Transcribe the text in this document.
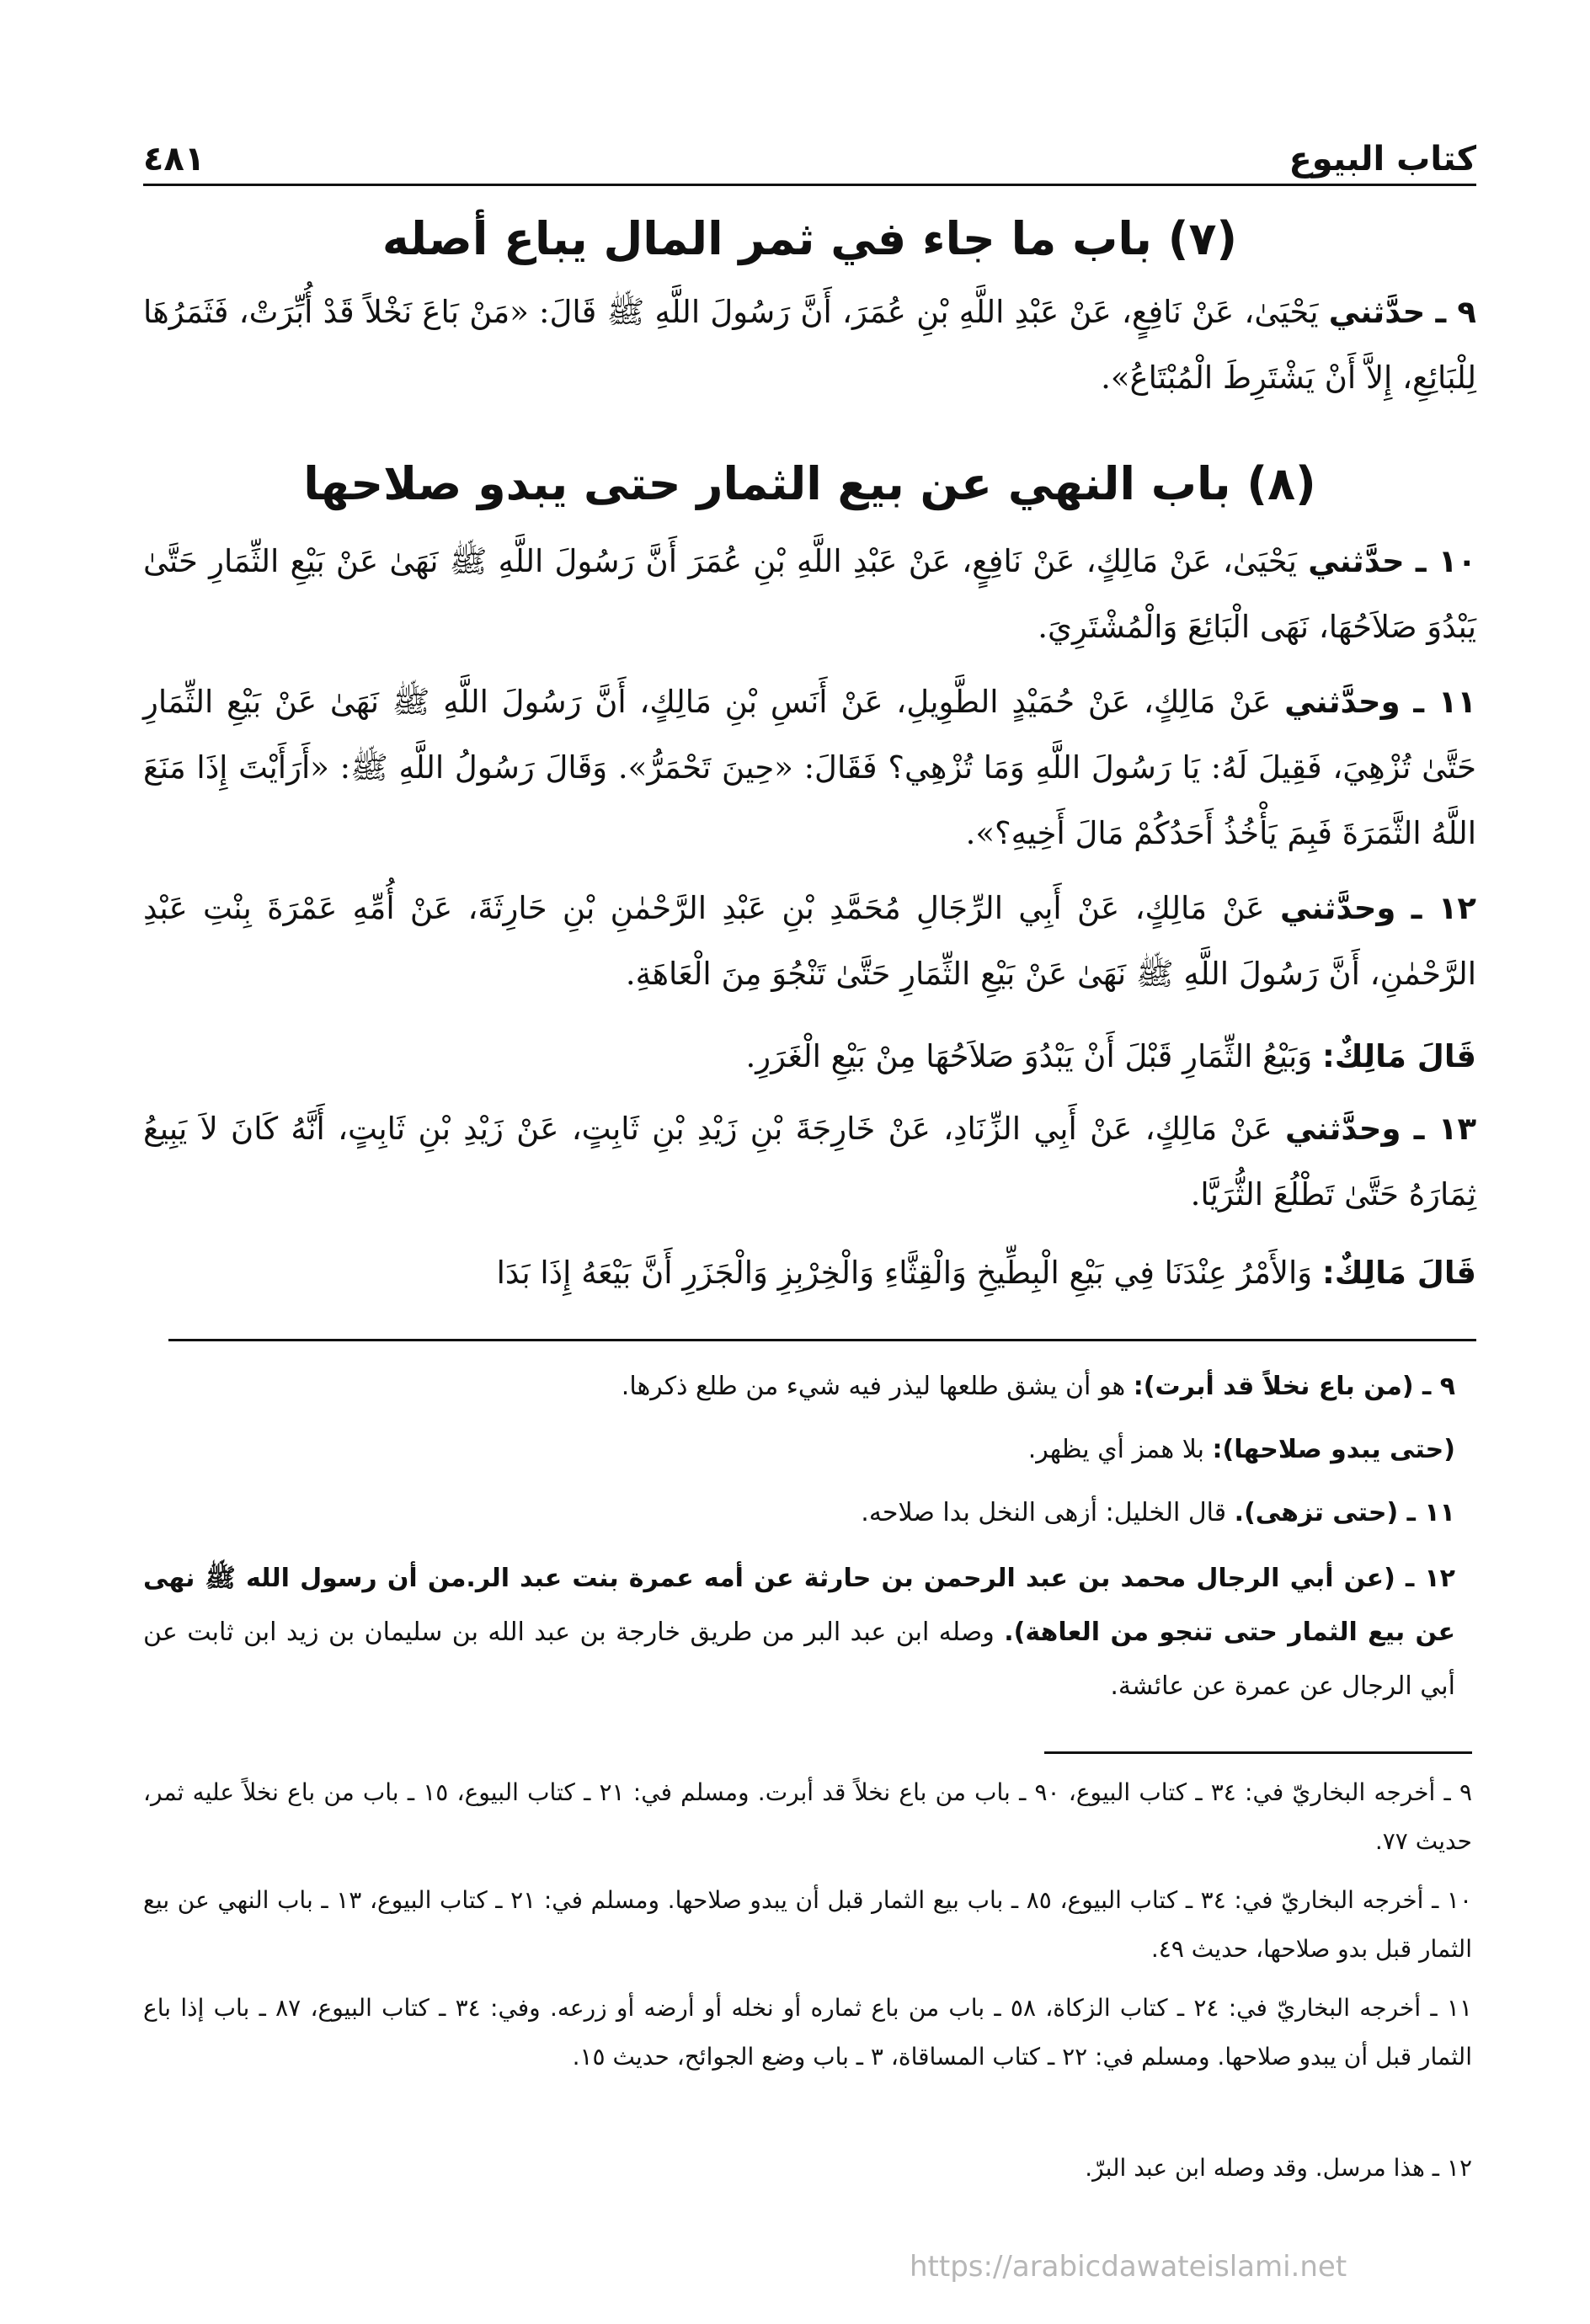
كتاب البيوع
٤٨١
(٧) باب ما جاء في ثمر المال يباع أصله
٩ ـ حدَّثني يَحْيَىٰ، عَنْ نَافِعٍ، عَنْ عَبْدِ اللَّهِ بْنِ عُمَرَ، أَنَّ رَسُولَ اللَّهِ ﷺ قَالَ: «مَنْ بَاعَ نَخْلاً قَدْ أُبِّرَتْ، فَثَمَرُهَا لِلْبَائِعِ، إِلاَّ أَنْ يَشْتَرِطَ الْمُبْتَاعُ».
(٨) باب النهي عن بيع الثمار حتى يبدو صلاحها
١٠ ـ حدَّثني يَحْيَىٰ، عَنْ مَالِكٍ، عَنْ نَافِعٍ، عَنْ عَبْدِ اللَّهِ بْنِ عُمَرَ أَنَّ رَسُولَ اللَّهِ ﷺ نَهَىٰ عَنْ بَيْعِ الثِّمَارِ حَتَّىٰ يَبْدُوَ صَلاَحُهَا، نَهَى الْبَائِعَ وَالْمُشْتَرِيَ.
١١ ـ وحدَّثني عَنْ مَالِكٍ، عَنْ حُمَيْدٍ الطَّوِيلِ، عَنْ أَنَسِ بْنِ مَالِكٍ، أَنَّ رَسُولَ اللَّهِ ﷺ نَهَىٰ عَنْ بَيْعِ الثِّمَارِ حَتَّىٰ تُزْهِيَ، فَقِيلَ لَهُ: يَا رَسُولَ اللَّهِ وَمَا تُزْهِي؟ فَقَالَ: «حِينَ تَحْمَرُّ». وَقَالَ رَسُولُ اللَّهِ ﷺ: «أَرَأَيْتَ إِذَا مَنَعَ اللَّهُ الثَّمَرَةَ فَبِمَ يَأْخُذُ أَحَدُكُمْ مَالَ أَخِيهِ؟».
١٢ ـ وحدَّثني عَنْ مَالِكٍ، عَنْ أَبِي الرِّجَالِ مُحَمَّدِ بْنِ عَبْدِ الرَّحْمٰنِ بْنِ حَارِثَةَ، عَنْ أُمِّهِ عَمْرَةَ بِنْتِ عَبْدِ الرَّحْمٰنِ، أَنَّ رَسُولَ اللَّهِ ﷺ نَهَىٰ عَنْ بَيْعِ الثِّمَارِ حَتَّىٰ تَنْجُوَ مِنَ الْعَاهَةِ.
قَالَ مَالِكٌ: وَبَيْعُ الثِّمَارِ قَبْلَ أَنْ يَبْدُوَ صَلاَحُهَا مِنْ بَيْعِ الْغَرَرِ.
١٣ ـ وحدَّثني عَنْ مَالِكٍ، عَنْ أَبِي الزِّنَادِ، عَنْ خَارِجَةَ بْنِ زَيْدِ بْنِ ثَابِتٍ، عَنْ زَيْدِ بْنِ ثَابِتٍ، أَنَّهُ كَانَ لاَ يَبِيعُ ثِمَارَهُ حَتَّىٰ تَطْلُعَ الثُّرَيَّا.
قَالَ مَالِكٌ: وَالأَمْرُ عِنْدَنَا فِي بَيْعِ الْبِطِّيخِ وَالْقِثَّاءِ وَالْخِرْبِزِ وَالْجَزَرِ أَنَّ بَيْعَهُ إِذَا بَدَا
٩ ـ (من باع نخلاً قد أبرت): هو أن يشق طلعها ليذر فيه شيء من طلع ذكرها.
(حتى يبدو صلاحها): بلا همز أي يظهر.
١١ ـ (حتى تزهى). قال الخليل: أزهى النخل بدا صلاحه.
١٢ ـ (عن أبي الرجال محمد بن عبد الرحمن بن حارثة عن أمه عمرة بنت عبد الر.من أن رسول الله ﷺ نهى عن بيع الثمار حتى تنجو من العاهة). وصله ابن عبد البر من طريق خارجة بن عبد الله بن سليمان بن زيد ابن ثابت عن أبي الرجال عن عمرة عن عائشة.
٩ ـ أخرجه البخاريّ في: ٣٤ ـ كتاب البيوع، ٩٠ ـ باب من باع نخلاً قد أبرت. ومسلم في: ٢١ ـ كتاب البيوع، ١٥ ـ باب من باع نخلاً عليه ثمر، حديث ٧٧.
١٠ ـ أخرجه البخاريّ في: ٣٤ ـ كتاب البيوع، ٨٥ ـ باب بيع الثمار قبل أن يبدو صلاحها. ومسلم في: ٢١ ـ كتاب البيوع، ١٣ ـ باب النهي عن بيع الثمار قبل بدو صلاحها، حديث ٤٩.
١١ ـ أخرجه البخاريّ في: ٢٤ ـ كتاب الزكاة، ٥٨ ـ باب من باع ثماره أو نخله أو أرضه أو زرعه. وفي: ٣٤ ـ كتاب البيوع، ٨٧ ـ باب إذا باع الثمار قبل أن يبدو صلاحها. ومسلم في: ٢٢ ـ كتاب المساقاة، ٣ ـ باب وضع الجوائح، حديث ١٥.
١٢ ـ هذا مرسل. وقد وصله ابن عبد البرّ.
https://arabicdawateislami.net
